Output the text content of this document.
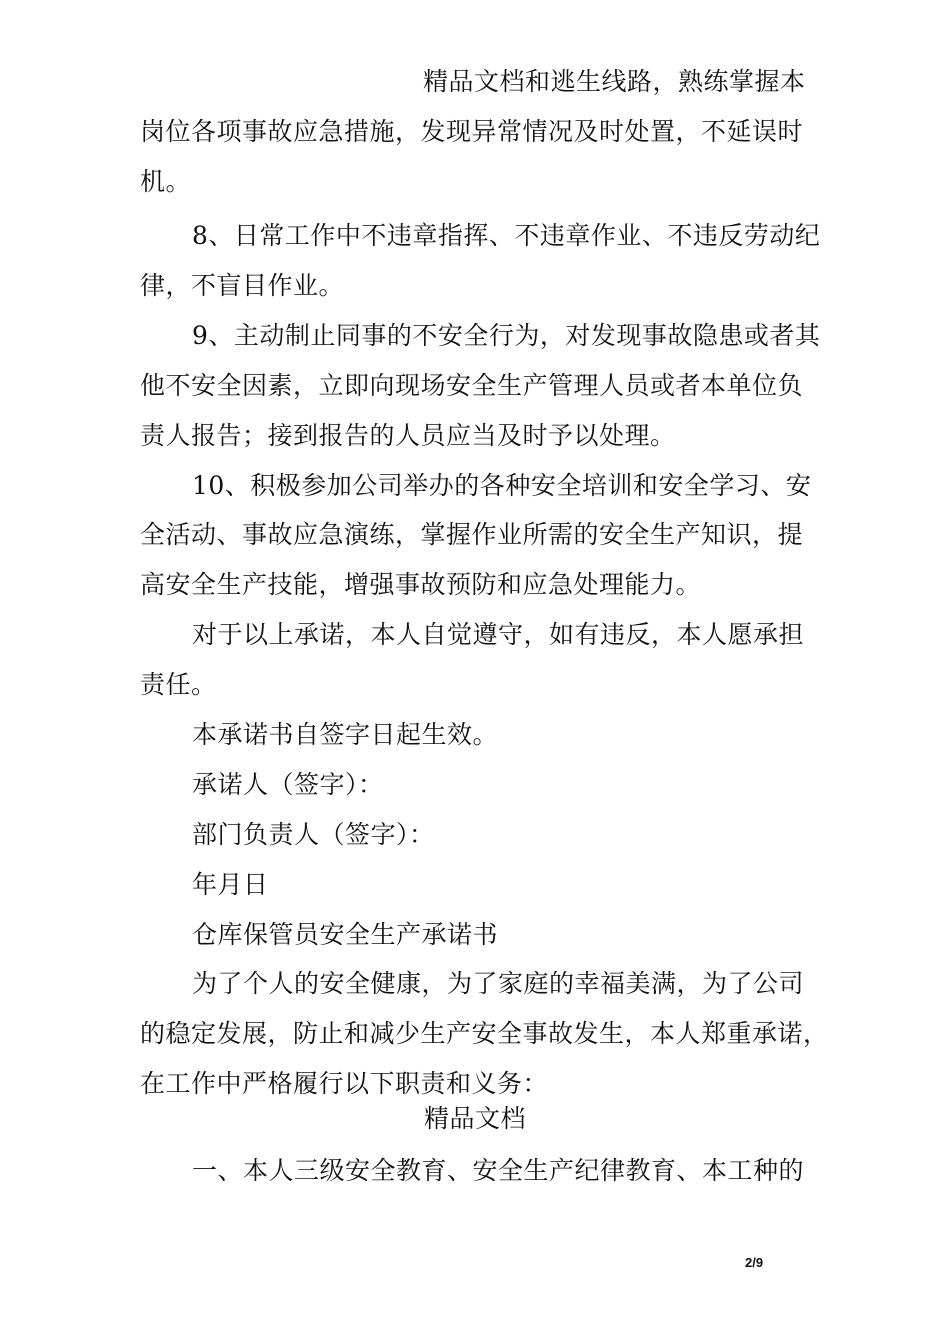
精品文档和逃生线路，熟练掌握本
岗位各项事故应急措施，发现异常情况及时处置，不延误时
机。
8、日常工作中不违章指挥、不违章作业、不违反劳动纪
律，不盲目作业。
9、主动制止同事的不安全行为，对发现事故隐患或者其
他不安全因素，立即向现场安全生产管理人员或者本单位负
责人报告；接到报告的人员应当及时予以处理。
10、积极参加公司举办的各种安全培训和安全学习、安
全活动、事故应急演练，掌握作业所需的安全生产知识，提
高安全生产技能，增强事故预防和应急处理能力。
对于以上承诺，本人自觉遵守，如有违反，本人愿承担
责任。
本承诺书自签字日起生效。
承诺人（签字）：
部门负责人（签字）：
年月日
仓库保管员安全生产承诺书
为了个人的安全健康，为了家庭的幸福美满，为了公司
的稳定发展，防止和减少生产安全事故发生，本人郑重承诺，
在工作中严格履行以下职责和义务：
精品文档
一、本人三级安全教育、安全生产纪律教育、本工种的
2/9
